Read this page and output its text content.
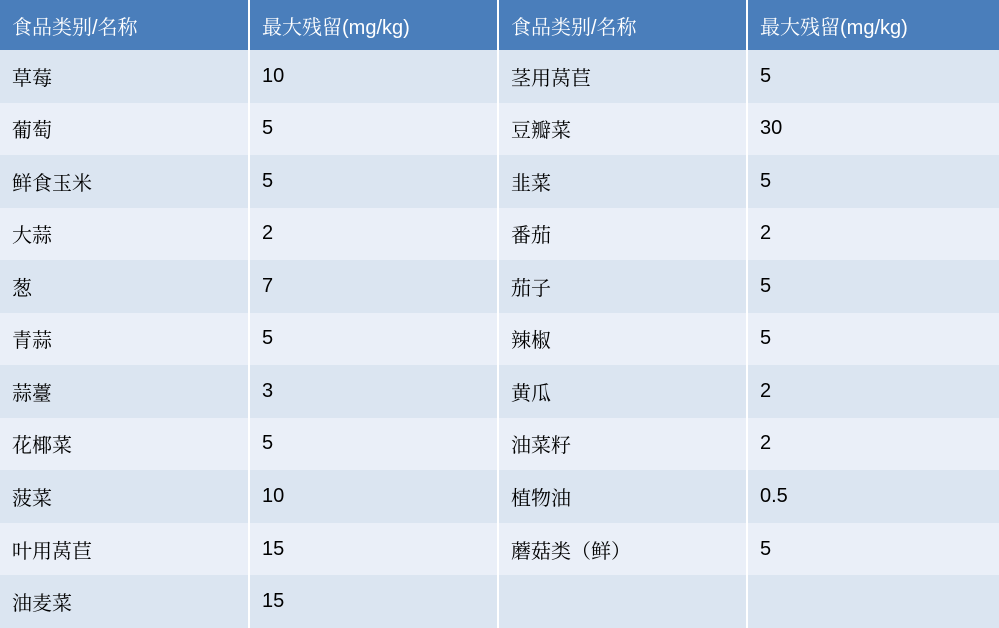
食品类别/名称	最大残留(mg/kg)	食品类别/名称	最大残留(mg/kg)
草莓	10	茎用莴苣	5
葡萄	5	豆瓣菜	30
鲜食玉米	5	韭菜	5
大蒜	2	番茄	2
葱	7	茄子	5
青蒜	5	辣椒	5
蒜薹	3	黄瓜	2
花椰菜	5	油菜籽	2
菠菜	10	植物油	0.5
叶用莴苣	15	蘑菇类（鲜）	5
油麦菜	15		
